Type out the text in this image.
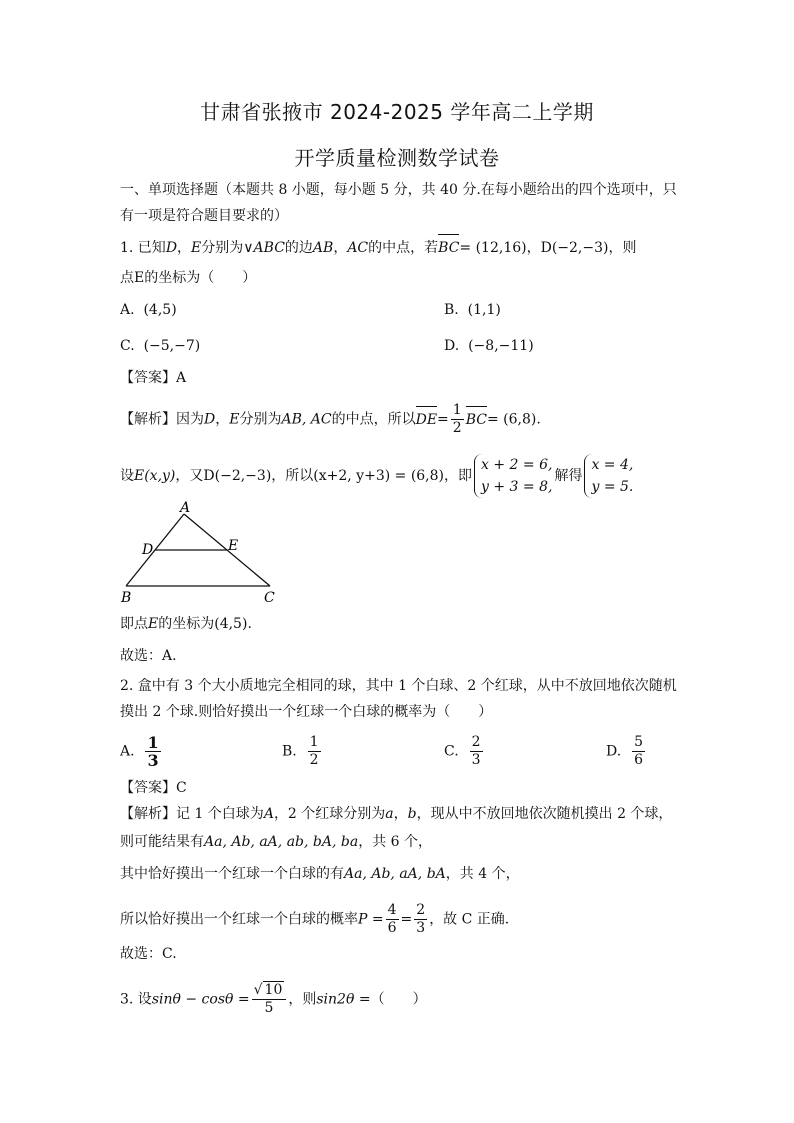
甘肃省张掖市 2024-2025 学年高二上学期
开学质量检测数学试卷
一、单项选择题（本题共 8 小题，每小题 5 分，共 40 分.在每小题给出的四个选项中，只
有一项是符合题目要求的）
1. 已知D，E分别为∨ABC的边AB，AC的中点，若BC= (12,16)，D(−2,−3)，则
点E的坐标为（　　）
A. (4,5)	B. (1,1)
C. (−5,−7)	D. (−8,−11)
【答案】A
【解析】因为D，E分别为AB, AC的中点，所以$DE= \frac{1}{2} BC= (6,8)$.
设E(x,y)，又D(−2,−3)，所以(x+2, y+3) = (6,8)，即
x + 2 = 6,
y + 3 = 8,
解得
x = 4,
y = 5.
A
B	C
D	E
即点E的坐标为(4,5).
故选：A.
2. 盒中有 3 个大小质地完全相同的球，其中 1 个白球、2 个红球，从中不放回地依次随机
摸出 2 个球.则恰好摸出一个红球一个白球的概率为（　　）
A. $\frac{1}{3}$	B. $\frac{1}{2}$	C. $\frac{2}{3}$	D. $\frac{5}{6}$
【答案】C
【解析】记 1 个白球为A，2 个红球分别为a，b，现从中不放回地依次随机摸出 2 个球，
则可能结果有Aa, Ab, aA, ab, bA, ba，共 6 个，
其中恰好摸出一个红球一个白球的有Aa, Ab, aA, bA，共 4 个，
所以恰好摸出一个红球一个白球的概率$P = \frac{4}{6} = \frac{2}{3}$ ，故 C 正确.
故选：C.
3. 设$\sin\theta - \cos\theta = \frac{√ 10}{5}$ ，则sin2θ =（　　）
